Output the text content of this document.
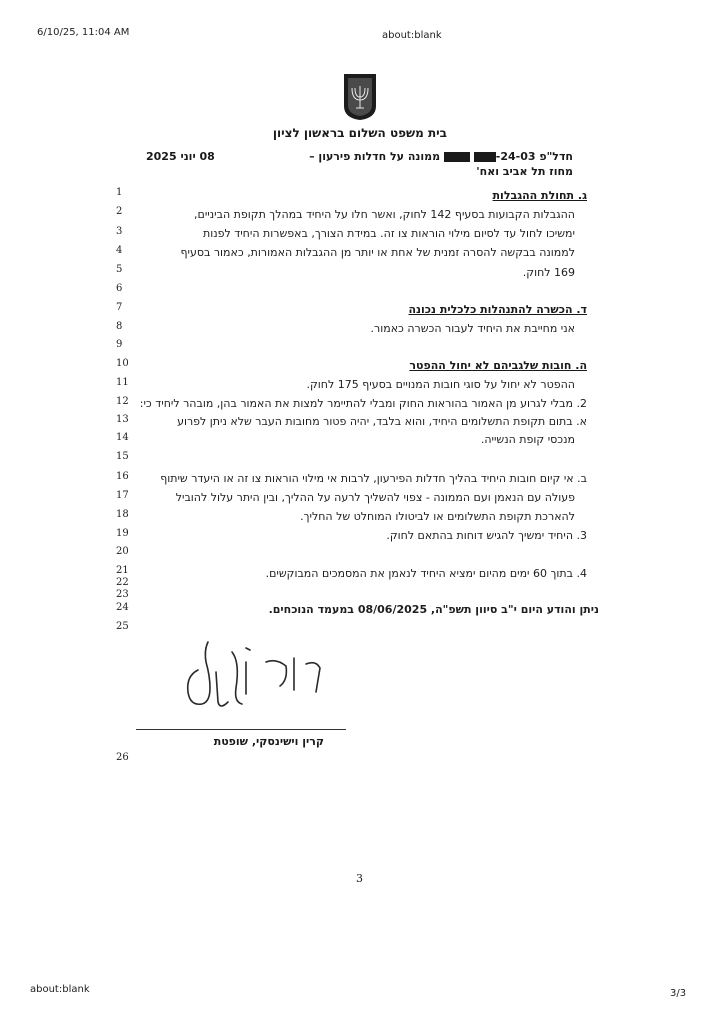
6/10/25, 11:04 AM	about:blank
בית משפט השלום בראשון לציון
חדל"פ 24-03-  ממונה על חדלות פירעון –
מחוז תל אביב ואח'
08 יוני 2025
1
2
3
4
5
6
7
8
9
10
11
12
13
14
15
16
17
18
19
20
21
22
23
24
25
26
ג. תחולת ההגבלות
ההגבלות הקבועות בסעיף 142 לחוק, ואשר חלו על היחיד במהלך תקופת הביניים,
ימשיכו לחול עד לסיום מילוי הוראות צו זה. במידת הצורך, באפשרות היחיד לפנות
לממונה בבקשה להסרה זמנית של אחת או יותר מן ההגבלות האמורות, כאמור בסעיף
169 לחוק.
ד. הכשרה להתנהלות כלכלית נכונה
אני מחייבת את היחיד לעבור הכשרה כאמור.
ה. חובות שלגביהם לא יחול ההפטר
ההפטר לא יחול על סוגי חובות המנויים בסעיף 175 לחוק.
2. מבלי לגרוע מן האמור בהוראות החוק ומבלי להתיימר למצות את האמור בהן, מובהר ליחיד כי:
א. בתום תקופת התשלומים היחיד, והוא בלבד, יהיה פטור מחובות העבר שלא ניתן לפרוע
מנכסי קופת הנשייה.
ב. אי קיום חובות היחיד בהליך חדלות הפירעון, לרבות אי מילוי הוראות צו זה או היעדר שיתוף
פעולה עם הנאמן ועם הממונה - צפוי להשליך לרעה על ההליך, ובין היתר עלול להוביל
להארכת תקופת התשלומים או לביטולו המוחלט של החליך.
3. היחיד ימשיך להגיש דוחות בהתאם לחוק.
4. בתוך 60 ימים מהיום ימציא היחיד לנאמן את המסמכים המבוקשים.
ניתן והודע היום י"ב סיוון תשפ"ה, 08/06/2025 במעמד הנוכחים.
קרין וישינסקי, שופטת
3
about:blank	3/3
